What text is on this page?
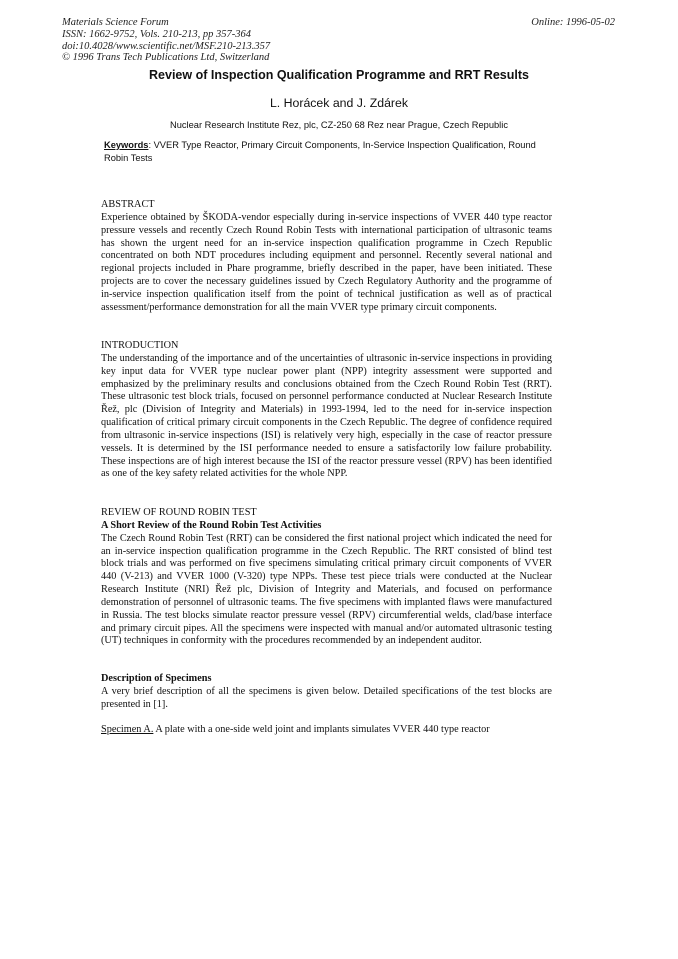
Materials Science Forum
ISSN: 1662-9752, Vols. 210-213, pp 357-364
doi:10.4028/www.scientific.net/MSF.210-213.357
© 1996 Trans Tech Publications Ltd, Switzerland
Online: 1996-05-02
Review of Inspection Qualification Programme and RRT Results
L. Horácek and J. Zdárek
Nuclear Research Institute Rez, plc, CZ-250 68 Rez near Prague, Czech Republic
Keywords: VVER Type Reactor, Primary Circuit Components, In-Service Inspection Qualification, Round Robin Tests
ABSTRACT

Experience obtained by ŠKODA-vendor especially during in-service inspections of VVER 440 type reactor pressure vessels and recently Czech Round Robin Tests with international participation of ultrasonic teams has shown the urgent need for an in-service inspection qualification programme in Czech Republic concentrated on both NDT procedures including equipment and personnel. Recently several national and regional projects included in Phare programme, briefly described in the paper, have been initiated. These projects are to cover the necessary guidelines issued by Czech Regulatory Authority and the programme of in-service inspection qualification itself from the point of technical justification as well as of practical assessment/performance demonstration for all the main VVER type primary circuit components.

INTRODUCTION

The understanding of the importance and of the uncertainties of ultrasonic in-service inspections in providing key input data for VVER type nuclear power plant (NPP) integrity assessment were supported and emphasized by the preliminary results and conclusions obtained from the Czech Round Robin Test (RRT). These ultrasonic test block trials, focused on personnel performance conducted at Nuclear Research Institute Řež, plc (Division of Integrity and Materials) in 1993-1994, led to the need for in-service inspection qualification of critical primary circuit components in the Czech Republic. The degree of confidence required from ultrasonic in-service inspections (ISI) is relatively very high, especially in the case of reactor pressure vessels. It is determined by the ISI performance needed to ensure a satisfactorily low failure probability. These inspections are of high interest because the ISI of the reactor pressure vessel (RPV) has been identified as one of the key safety related activities for the whole NPP.

REVIEW OF ROUND ROBIN TEST
A Short Review of the Round Robin Test Activities

The Czech Round Robin Test (RRT) can be considered the first national project which indicated the need for an in-service inspection qualification programme in the Czech Republic. The RRT consisted of blind test block trials and was performed on five specimens simulating critical primary circuit components of VVER 440 (V-213) and VVER 1000 (V-320) type NPPs. These test piece trials were conducted at the Nuclear Research Institute (NRI) Řež plc, Division of Integrity and Materials, and focused on performance demonstration of personnel of ultrasonic teams. The five specimens with implanted flaws were manufactured in Russia. The test blocks simulate reactor pressure vessel (RPV) circumferential welds, clad/base interface and primary circuit pipes. All the specimens were inspected with manual and/or automated ultrasonic testing (UT) techniques in conformity with the procedures recommended by an independent auditor.

Description of Specimens

A very brief description of all the specimens is given below. Detailed specifications of the test blocks are presented in [1].

Specimen A. A plate with a one-side weld joint and implants simulates VVER 440 type reactor
